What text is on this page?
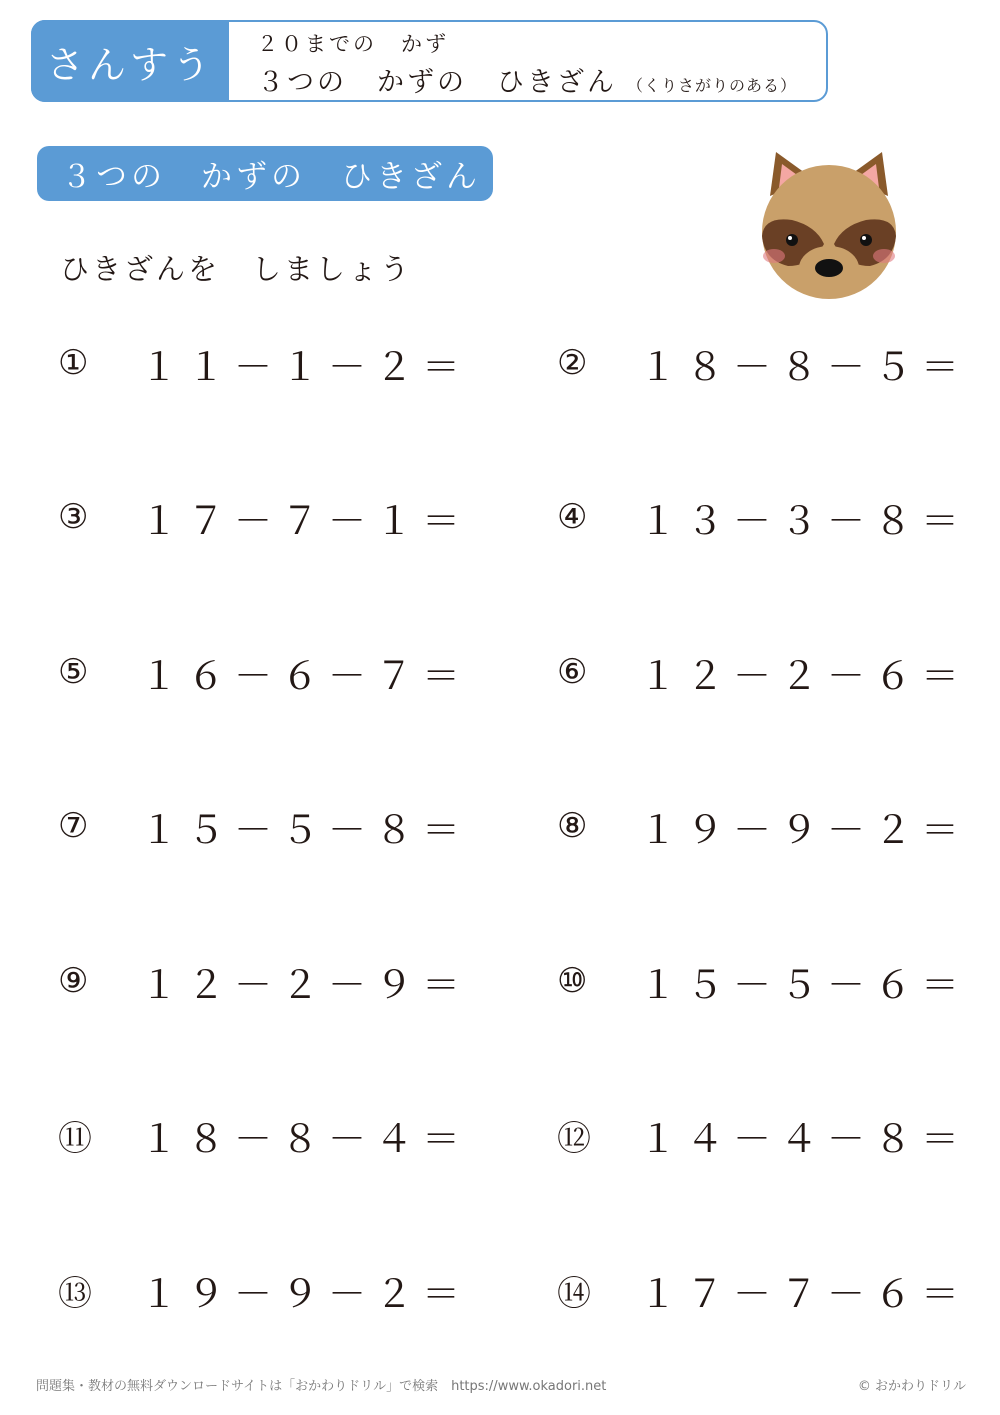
さんすう	２０までの　かず
３つの　かずの　ひきざん （くりさがりのある）
３つの　かずの　ひきざん
ひきざんを　しましょう
①	１１－１－２＝	②	１８－８－５＝
③	１７－７－１＝	④	１３－３－８＝
⑤	１６－６－７＝	⑥	１２－２－６＝
⑦	１５－５－８＝	⑧	１９－９－２＝
⑨	１２－２－９＝	⑩	１５－５－６＝
⑪	１８－８－４＝	⑫	１４－４－８＝
⑬	１９－９－２＝	⑭	１７－７－６＝
問題集・教材の無料ダウンロードサイトは「おかわりドリル」で検索　https://www.okadori.net	© おかわりドリル
